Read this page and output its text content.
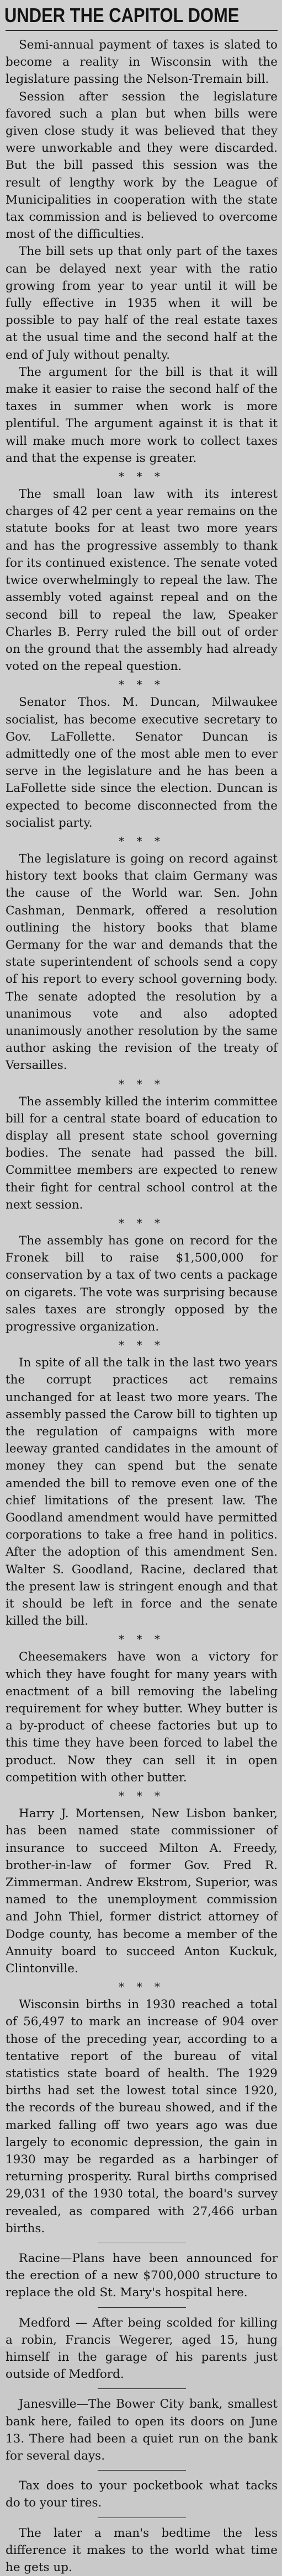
UNDER THE CAPITOL DOME

Semi-annual payment of taxes is slated to become a reality in Wisconsin with the legislature passing the Nelson-Tremain bill.

Session after session the legislature favored such a plan but when bills were given close study it was believed that they were unworkable and they were discarded. But the bill passed this session was the result of lengthy work by the League of Municipalities in cooperation with the state tax commission and is believed to overcome most of the difficulties.

The bill sets up that only part of the taxes can be delayed next year with the ratio growing from year to year until it will be fully effective in 1935 when it will be possible to pay half of the real estate taxes at the usual time and the second half at the end of July without penalty.

The argument for the bill is that it will make it easier to raise the second half of the taxes in summer when work is more plentiful. The argument against it is that it will make much more work to collect taxes and that the expense is greater.

* * *

The small loan law with its interest charges of 42 per cent a year remains on the statute books for at least two more years and has the progressive assembly to thank for its continued existence. The senate voted twice overwhelmingly to repeal the law. The assembly voted against repeal and on the second bill to repeal the law, Speaker Charles B. Perry ruled the bill out of order on the ground that the assembly had already voted on the repeal question.

* * *

Senator Thos. M. Duncan, Milwaukee socialist, has become executive secretary to Gov. LaFollette. Senator Duncan is admittedly one of the most able men to ever serve in the legislature and he has been a LaFollette side since the election. Duncan is expected to become disconnected from the socialist party.

* * *

The legislature is going on record against history text books that claim Germany was the cause of the World war. Sen. John Cashman, Denmark, offered a resolution outlining the history books that blame Germany for the war and demands that the state superintendent of schools send a copy of his report to every school governing body. The senate adopted the resolution by a unanimous vote and also adopted unanimously another resolution by the same author asking the revision of the treaty of Versailles.

* * *

The assembly killed the interim committee bill for a central state board of education to display all present state school governing bodies. The senate had passed the bill. Committee members are expected to renew their fight for central school control at the next session.

* * *

The assembly has gone on record for the Fronek bill to raise $1,500,000 for conservation by a tax of two cents a package on cigarets. The vote was surprising because sales taxes are strongly opposed by the progressive organization.

* * *

In spite of all the talk in the last two years the corrupt practices act remains unchanged for at least two more years. The assembly passed the Carow bill to tighten up the regulation of campaigns with more leeway granted candidates in the amount of money they can spend but the senate amended the bill to remove even one of the chief limitations of the present law. The Goodland amendment would have permitted corporations to take a free hand in politics. After the adoption of this amendment Sen. Walter S. Goodland, Racine, declared that the present law is stringent enough and that it should be left in force and the senate killed the bill.

* * *

Cheesemakers have won a victory for which they have fought for many years with enactment of a bill removing the labeling requirement for whey butter. Whey butter is a by-product of cheese factories but up to this time they have been forced to label the product. Now they can sell it in open competition with other butter.

* * *

Harry J. Mortensen, New Lisbon banker, has been named state commissioner of insurance to succeed Milton A. Freedy, brother-in-law of former Gov. Fred R. Zimmerman. Andrew Ekstrom, Superior, was named to the unemployment commission and John Thiel, former district attorney of Dodge county, has become a member of the Annuity board to succeed Anton Kuckuk, Clintonville.

* * *

Wisconsin births in 1930 reached a total of 56,497 to mark an increase of 904 over those of the preceding year, according to a tentative report of the bureau of vital statistics state board of health. The 1929 births had set the lowest total since 1920, the records of the bureau showed, and if the marked falling off two years ago was due largely to economic depression, the gain in 1930 may be regarded as a harbinger of returning prosperity. Rural births comprised 29,031 of the 1930 total, the board's survey revealed, as compared with 27,466 urban births.

Racine—Plans have been announced for the erection of a new $700,000 structure to replace the old St. Mary's hospital here.

Medford — After being scolded for killing a robin, Francis Wegerer, aged 15, hung himself in the garage of his parents just outside of Medford.

Janesville—The Bower City bank, smallest bank here, failed to open its doors on June 13. There had been a quiet run on the bank for several days.

Tax does to your pocketbook what tacks do to your tires.

The later a man's bedtime the less difference it makes to the world what time he gets up.
